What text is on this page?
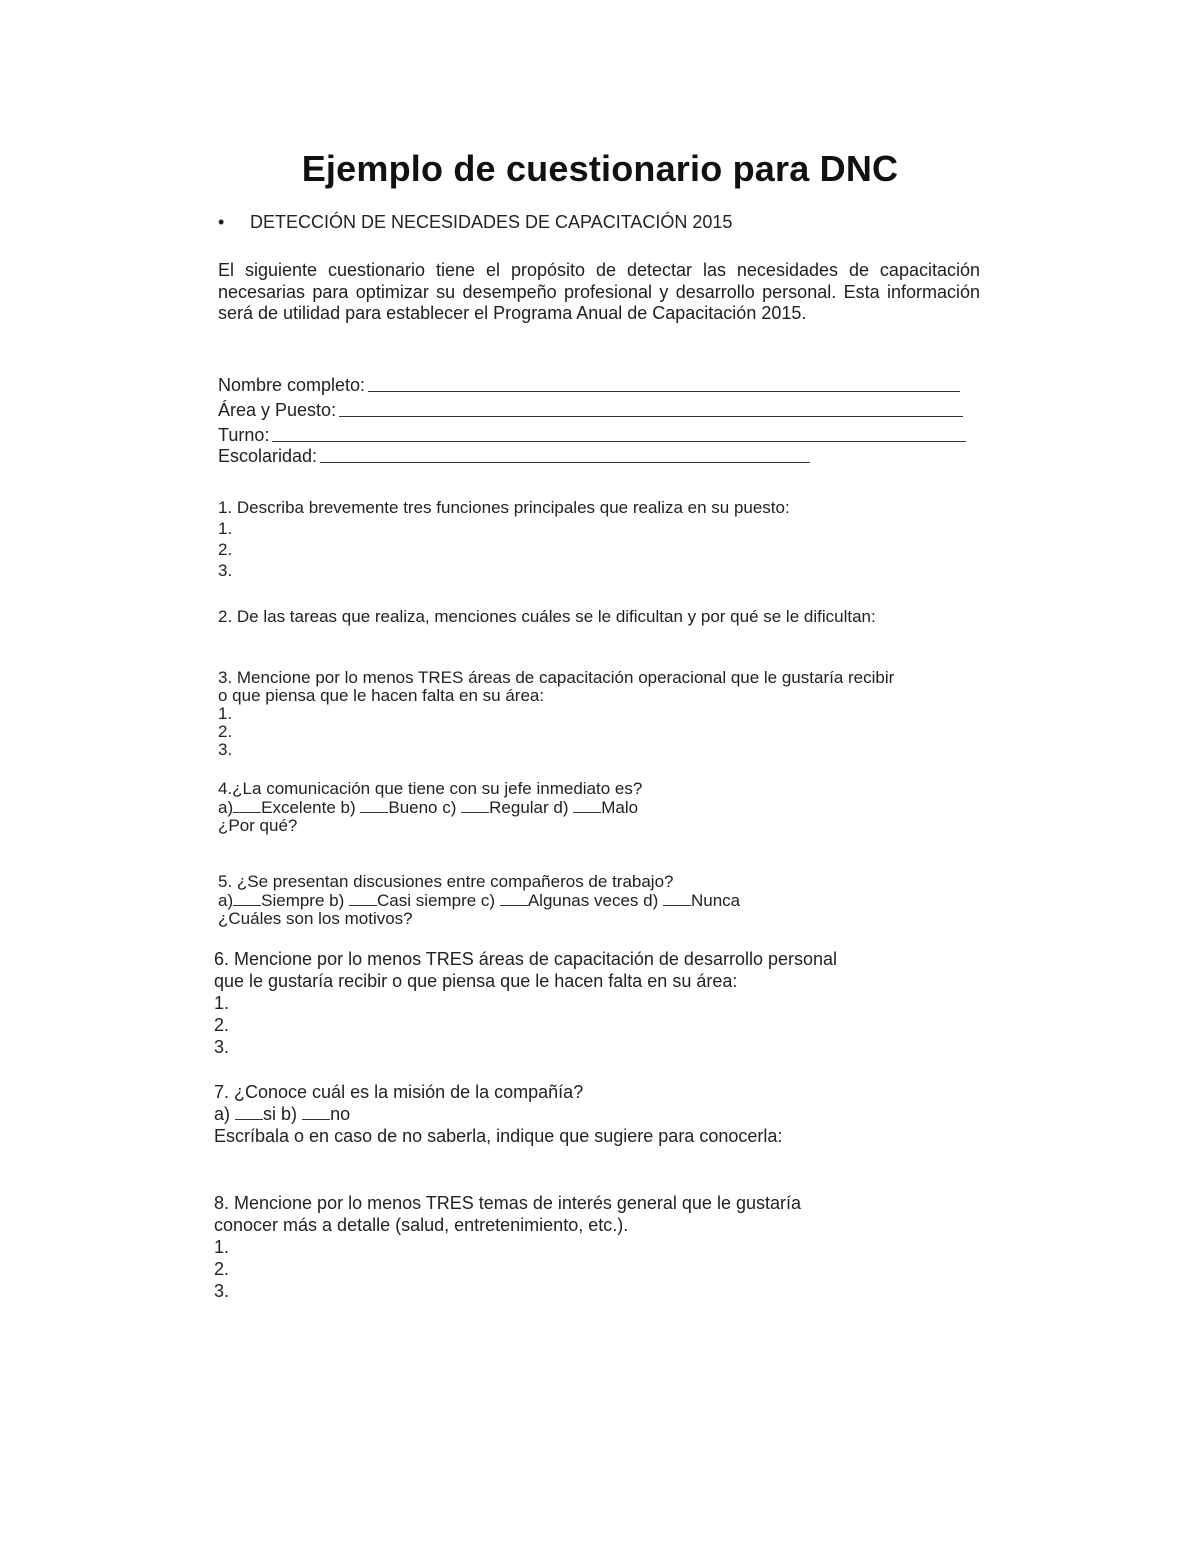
Ejemplo de cuestionario para DNC
• DETECCIÓN DE NECESIDADES DE CAPACITACIÓN 2015
El siguiente cuestionario tiene el propósito de detectar las necesidades de capacitación necesarias para optimizar su desempeño profesional y desarrollo personal. Esta información será de utilidad para establecer el Programa Anual de Capacitación 2015.
Nombre completo:
Área y Puesto:
Turno:
Escolaridad:
1. Describa brevemente tres funciones principales que realiza en su puesto:
1.
2.
3.
2. De las tareas que realiza, menciones cuáles se le dificultan y por qué se le dificultan:
3. Mencione por lo menos TRES áreas de capacitación operacional que le gustaría recibir
o que piensa que le hacen falta en su área:
1.
2.
3.
4.¿La comunicación que tiene con su jefe inmediato es?
a) Excelente b) Bueno c) Regular d) Malo
¿Por qué?
5. ¿Se presentan discusiones entre compañeros de trabajo?
a) Siempre b) Casi siempre c) Algunas veces d) Nunca
¿Cuáles son los motivos?
6. Mencione por lo menos TRES áreas de capacitación de desarrollo personal
que le gustaría recibir o que piensa que le hacen falta en su área:
1.
2.
3.
7. ¿Conoce cuál es la misión de la compañía?
a) si b) no
Escríbala o en caso de no saberla, indique que sugiere para conocerla:
8. Mencione por lo menos TRES temas de interés general que le gustaría
conocer más a detalle (salud, entretenimiento, etc.).
1.
2.
3.
